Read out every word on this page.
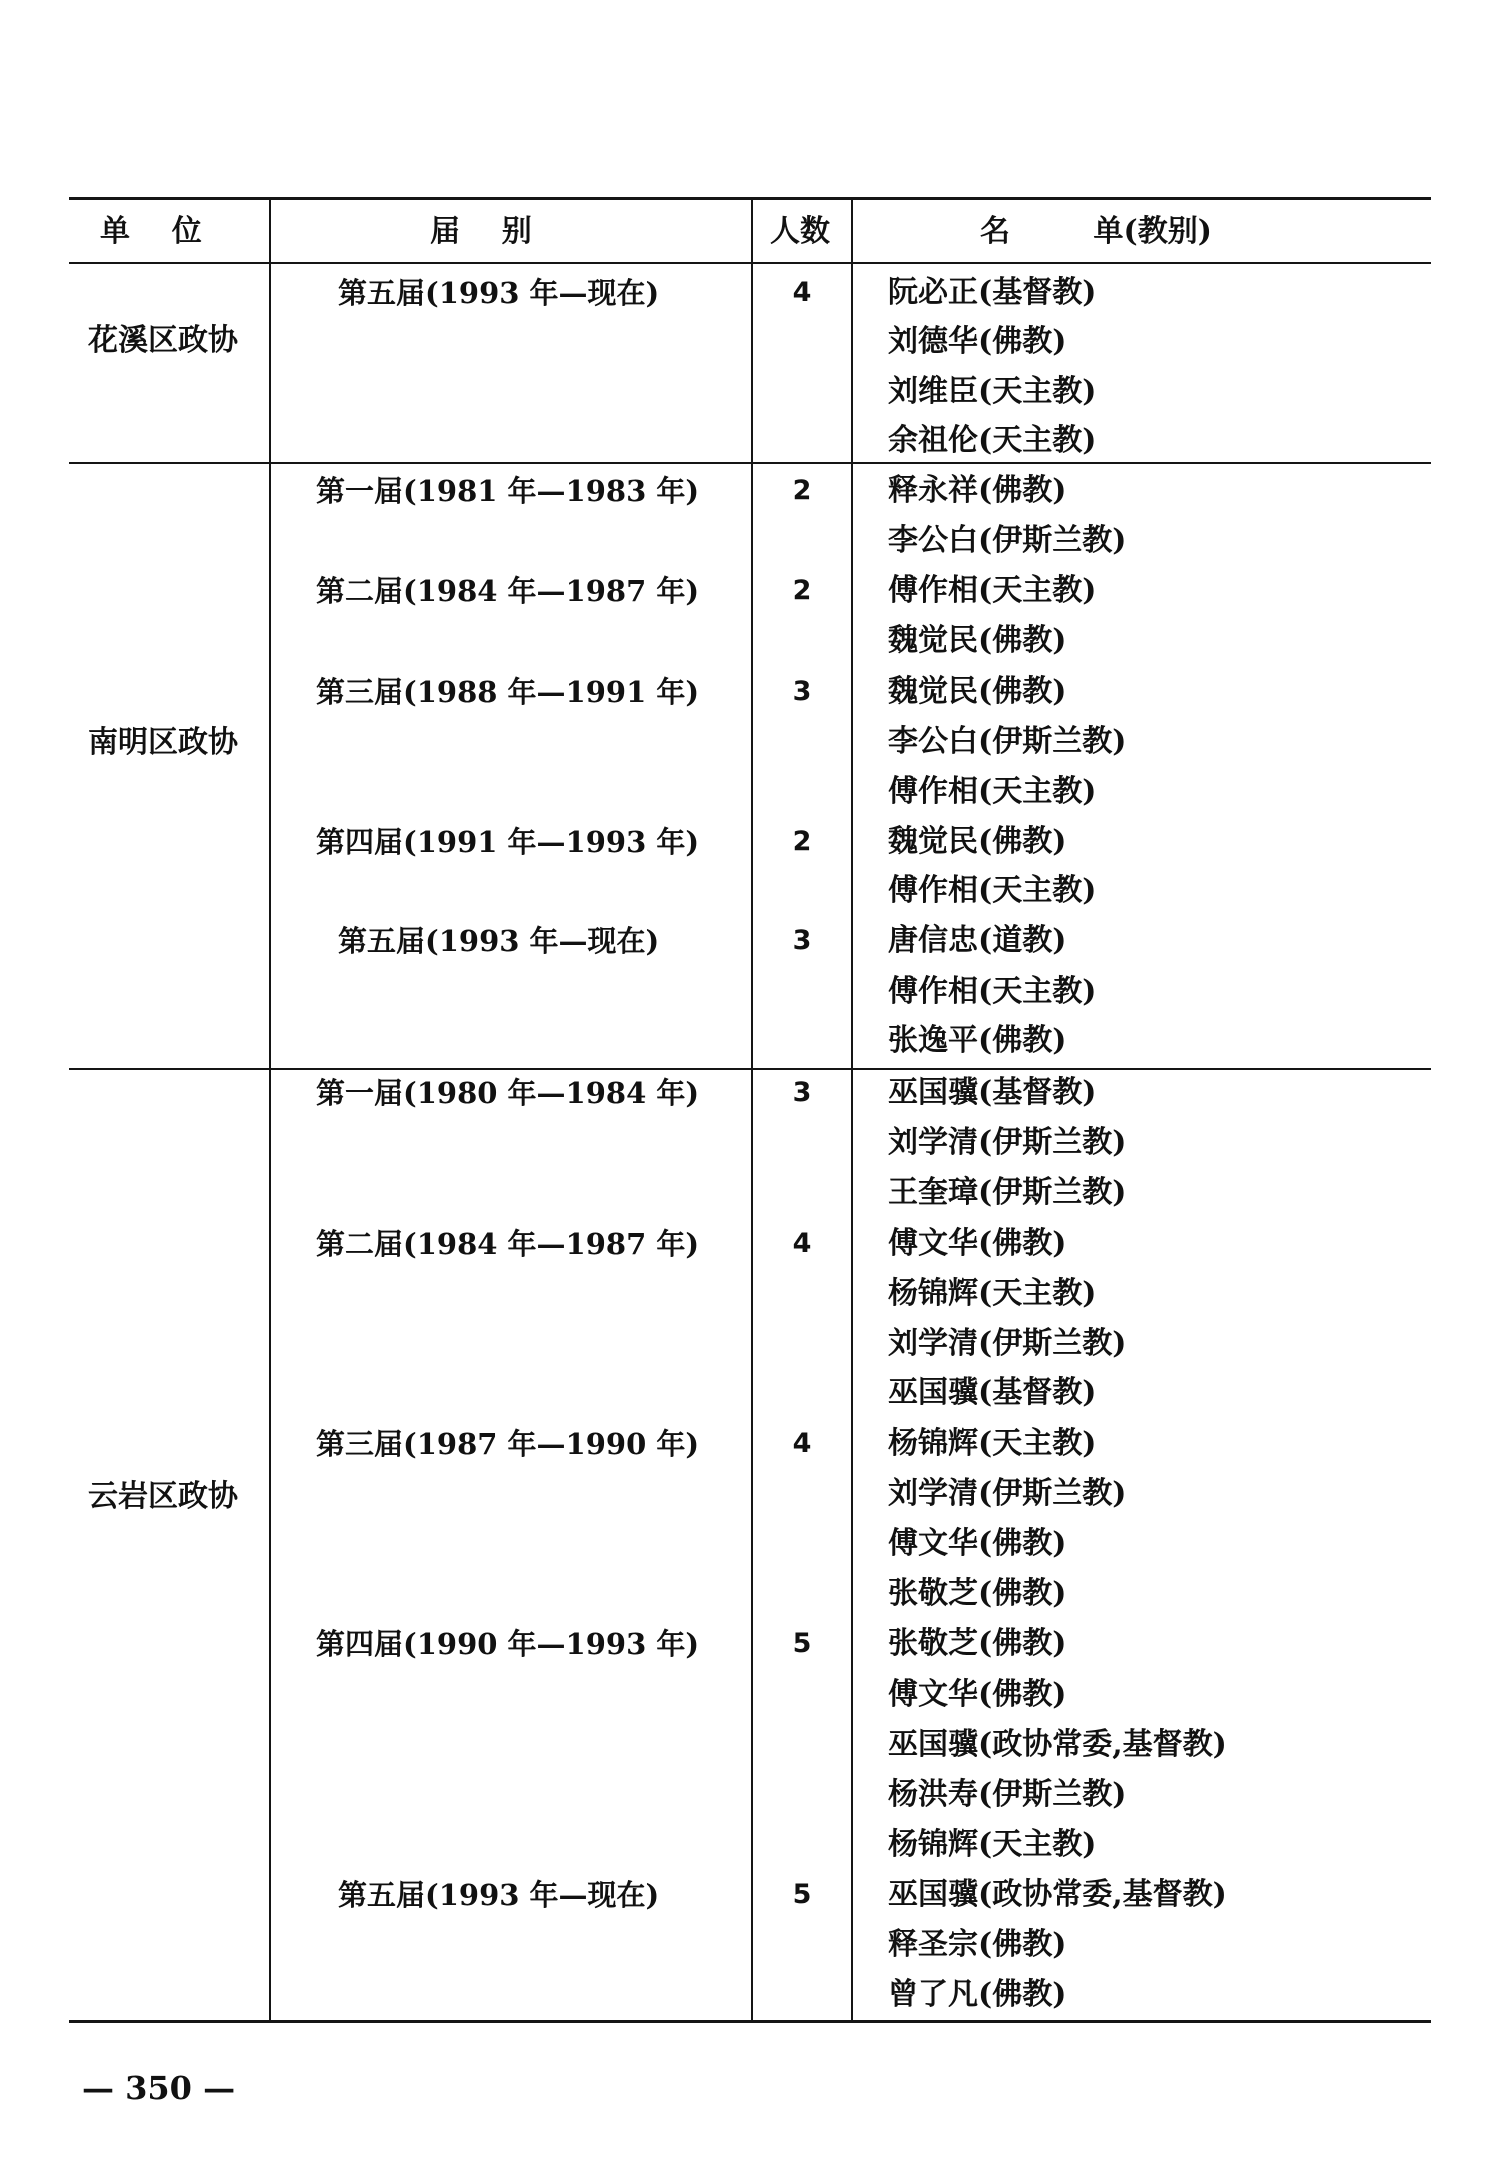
单    位	届    别	人数	名        单(教别)
花溪区政协
第五届(1993 年—现在)	4	阮必正(基督教)
刘德华(佛教)
刘维臣(天主教)
余祖伦(天主教)
南明区政协
第一届(1981 年—1983 年)	2	释永祥(佛教)
李公白(伊斯兰教)
第二届(1984 年—1987 年)	2	傅作相(天主教)
魏觉民(佛教)
第三届(1988 年—1991 年)	3	魏觉民(佛教)
李公白(伊斯兰教)
傅作相(天主教)
第四届(1991 年—1993 年)	2	魏觉民(佛教)
傅作相(天主教)
第五届(1993 年—现在)	3	唐信忠(道教)
傅作相(天主教)
张逸平(佛教)
云岩区政协
第一届(1980 年—1984 年)	3	巫国骥(基督教)
刘学清(伊斯兰教)
王奎璋(伊斯兰教)
第二届(1984 年—1987 年)	4	傅文华(佛教)
杨锦辉(天主教)
刘学清(伊斯兰教)
巫国骥(基督教)
第三届(1987 年—1990 年)	4	杨锦辉(天主教)
刘学清(伊斯兰教)
傅文华(佛教)
张敬芝(佛教)
第四届(1990 年—1993 年)	5	张敬芝(佛教)
傅文华(佛教)
巫国骥(政协常委,基督教)
杨洪寿(伊斯兰教)
杨锦辉(天主教)
第五届(1993 年—现在)	5	巫国骥(政协常委,基督教)
释圣宗(佛教)
曾了凡(佛教)
— 350 —
